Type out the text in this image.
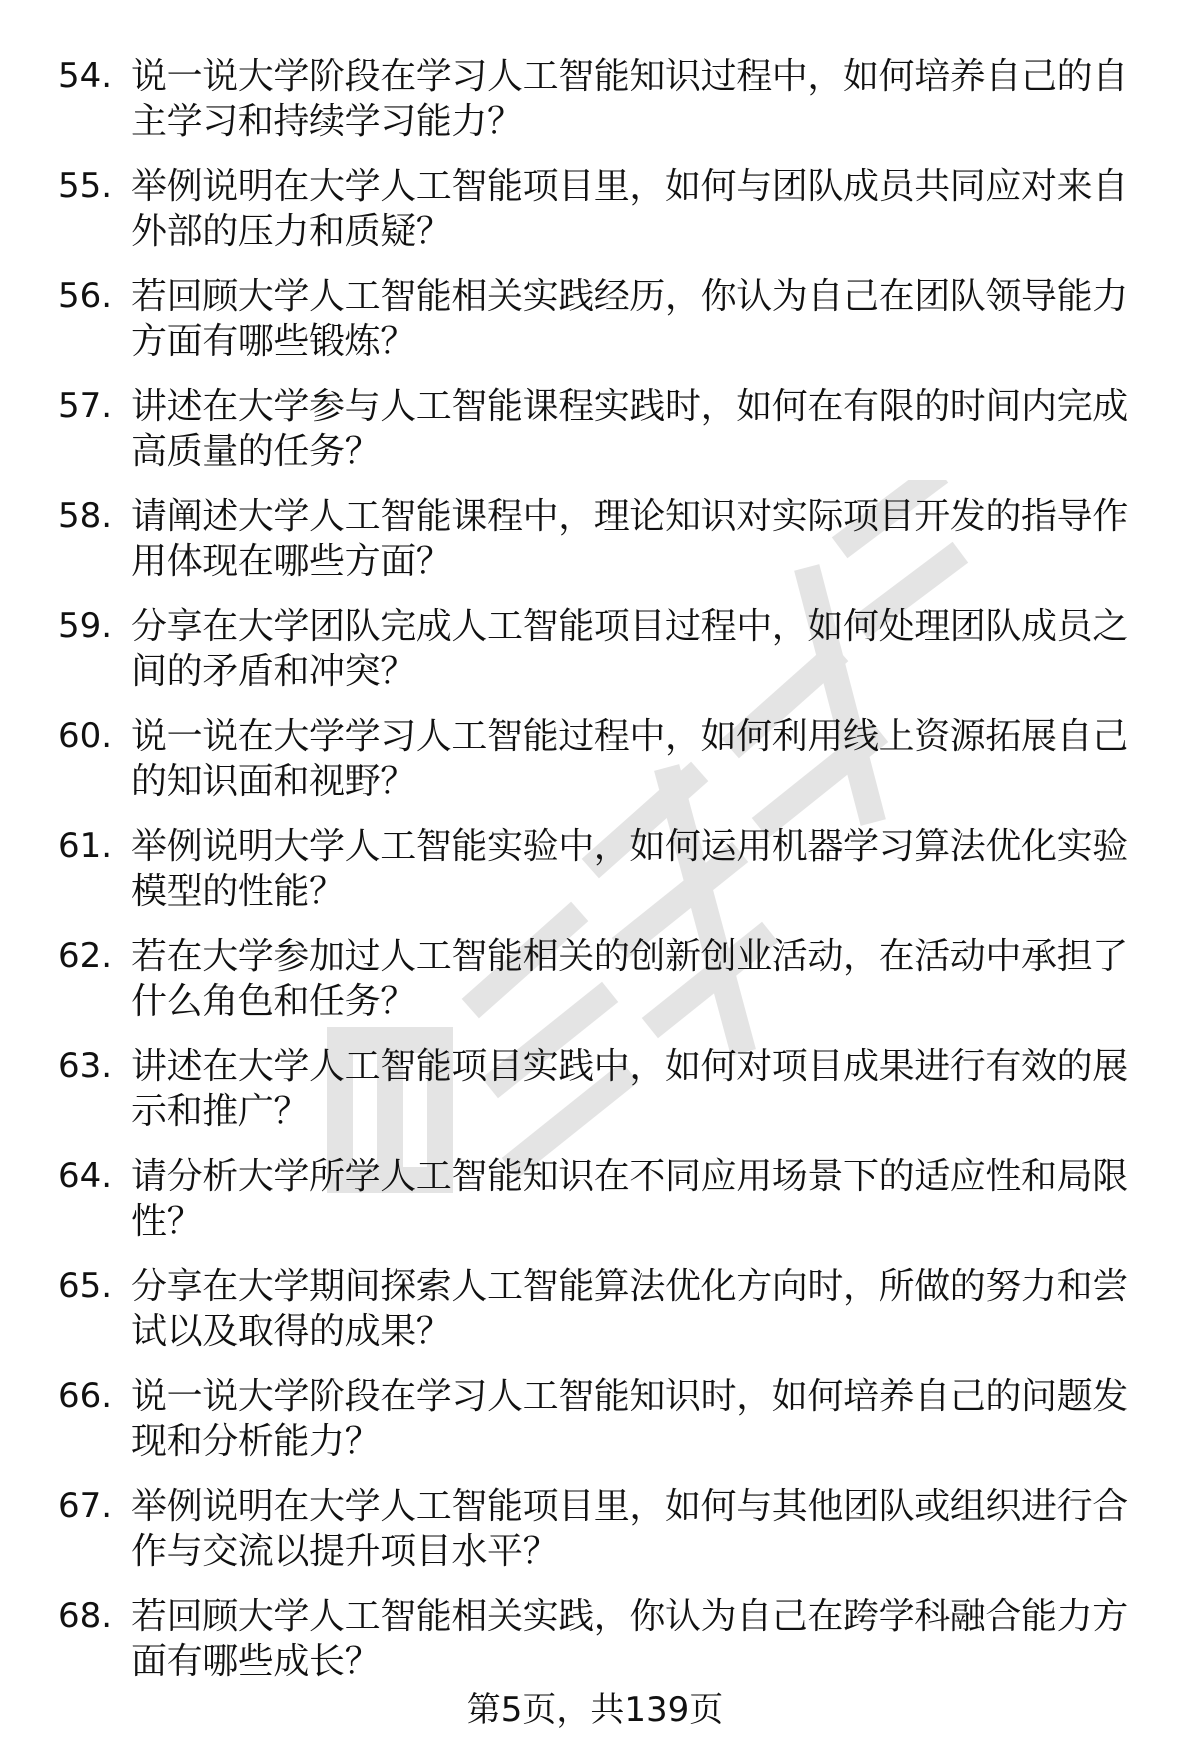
54. 说一说大学阶段在学习人工智能知识过程中，如何培养自己的自主学习和持续学习能力？
55. 举例说明在大学人工智能项目里，如何与团队成员共同应对来自外部的压力和质疑？
56. 若回顾大学人工智能相关实践经历，你认为自己在团队领导能力方面有哪些锻炼？
57. 讲述在大学参与人工智能课程实践时，如何在有限的时间内完成高质量的任务？
58. 请阐述大学人工智能课程中，理论知识对实际项目开发的指导作用体现在哪些方面？
59. 分享在大学团队完成人工智能项目过程中，如何处理团队成员之间的矛盾和冲突？
60. 说一说在大学学习人工智能过程中，如何利用线上资源拓展自己的知识面和视野？
61. 举例说明大学人工智能实验中，如何运用机器学习算法优化实验模型的性能？
62. 若在大学参加过人工智能相关的创新创业活动，在活动中承担了什么角色和任务？
63. 讲述在大学人工智能项目实践中，如何对项目成果进行有效的展示和推广？
64. 请分析大学所学人工智能知识在不同应用场景下的适应性和局限性？
65. 分享在大学期间探索人工智能算法优化方向时，所做的努力和尝试以及取得的成果？
66. 说一说大学阶段在学习人工智能知识时，如何培养自己的问题发现和分析能力？
67. 举例说明在大学人工智能项目里，如何与其他团队或组织进行合作与交流以提升项目水平？
68. 若回顾大学人工智能相关实践，你认为自己在跨学科融合能力方面有哪些成长？
第5页，共139页
